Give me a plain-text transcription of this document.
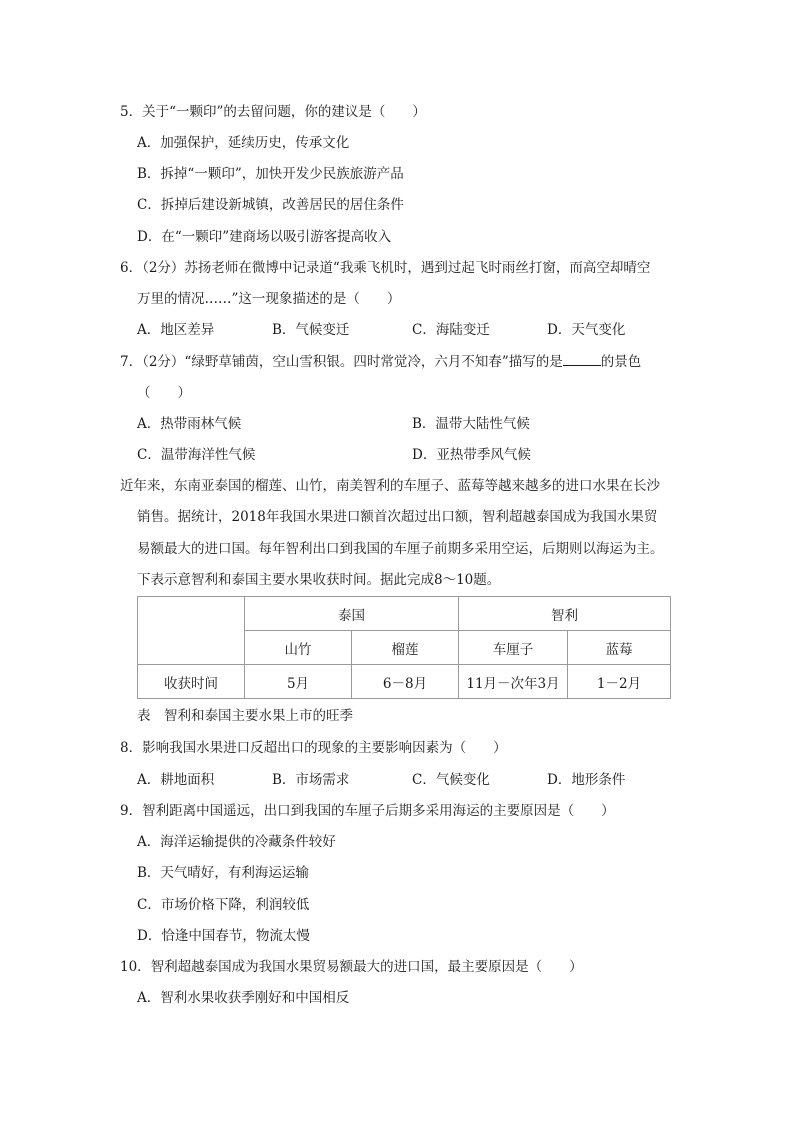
5．关于“一颗印”的去留问题，你的建议是（　　）
A．加强保护，延续历史，传承文化
B．拆掉“一颗印”，加快开发少民族旅游产品
C．拆掉后建设新城镇，改善居民的居住条件
D．在“一颗印”建商场以吸引游客提高收入
6．（2分）苏扬老师在微博中记录道“我乘飞机时，遇到过起飞时雨丝打窗，而高空却晴空
万里的情况……”这一现象描述的是（　　）
A．地区差异	B．气候变迁	C．海陆变迁	D．天气变化
7．（2分）“绿野草铺茵，空山雪积银。四时常觉冷，六月不知春”描写的是	的景色
（　　）
A．热带雨林气候	B．温带大陆性气候
C．温带海洋性气候	D．亚热带季风气候
近年来，东南亚泰国的榴莲、山竹，南美智利的车厘子、蓝莓等越来越多的进口水果在长沙
销售。据统计，2018年我国水果进口额首次超过出口额，智利超越泰国成为我国水果贸
易额最大的进口国。每年智利出口到我国的车厘子前期多采用空运，后期则以海运为主。
下表示意智利和泰国主要水果收获时间。据此完成8～10题。
	泰国		智利	
	山竹	榴莲	车厘子	蓝莓
收获时间	5月	6－8月	11月－次年3月	1－2月
表　智利和泰国主要水果上市的旺季
8．影响我国水果进口反超出口的现象的主要影响因素为（　　）
A．耕地面积	B．市场需求	C．气候变化	D．地形条件
9．智利距离中国遥远，出口到我国的车厘子后期多采用海运的主要原因是（　　）
A．海洋运输提供的冷藏条件较好
B．天气晴好，有利海运运输
C．市场价格下降，利润较低
D．恰逢中国春节，物流太慢
10．智利超越泰国成为我国水果贸易额最大的进口国，最主要原因是（　　）
A．智利水果收获季刚好和中国相反
